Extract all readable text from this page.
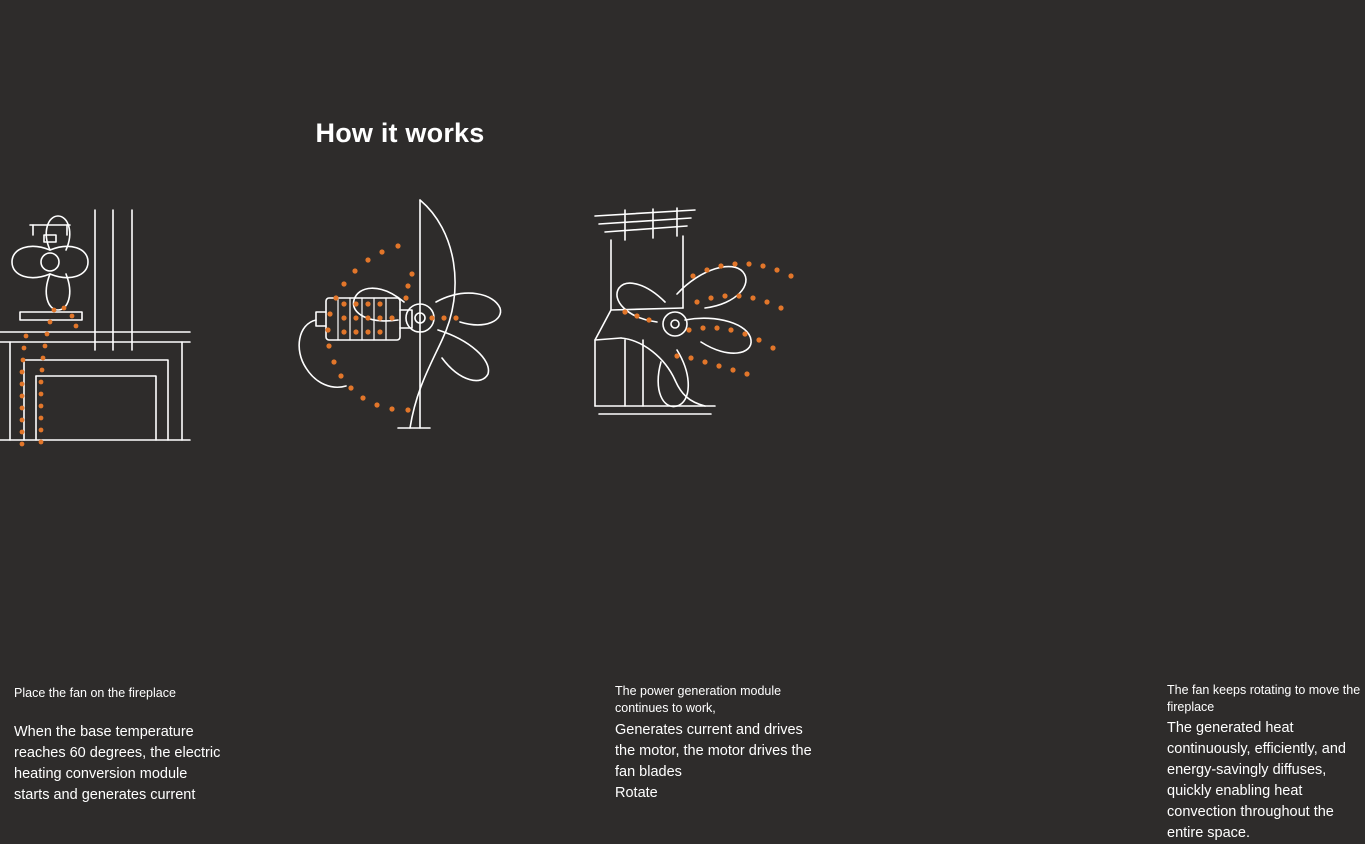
How it works
Place the fan on the fireplace
When the base temperature reaches 60 degrees, the electric heating conversion module starts and generates current
The power generation module continues to work,
Generates current and drives the motor, the motor drives the fan blades
Rotate
The fan keeps rotating to move the fireplace
The generated heat continuously, efficiently, and energy-savingly diffuses, quickly enabling heat convection throughout the entire space.
